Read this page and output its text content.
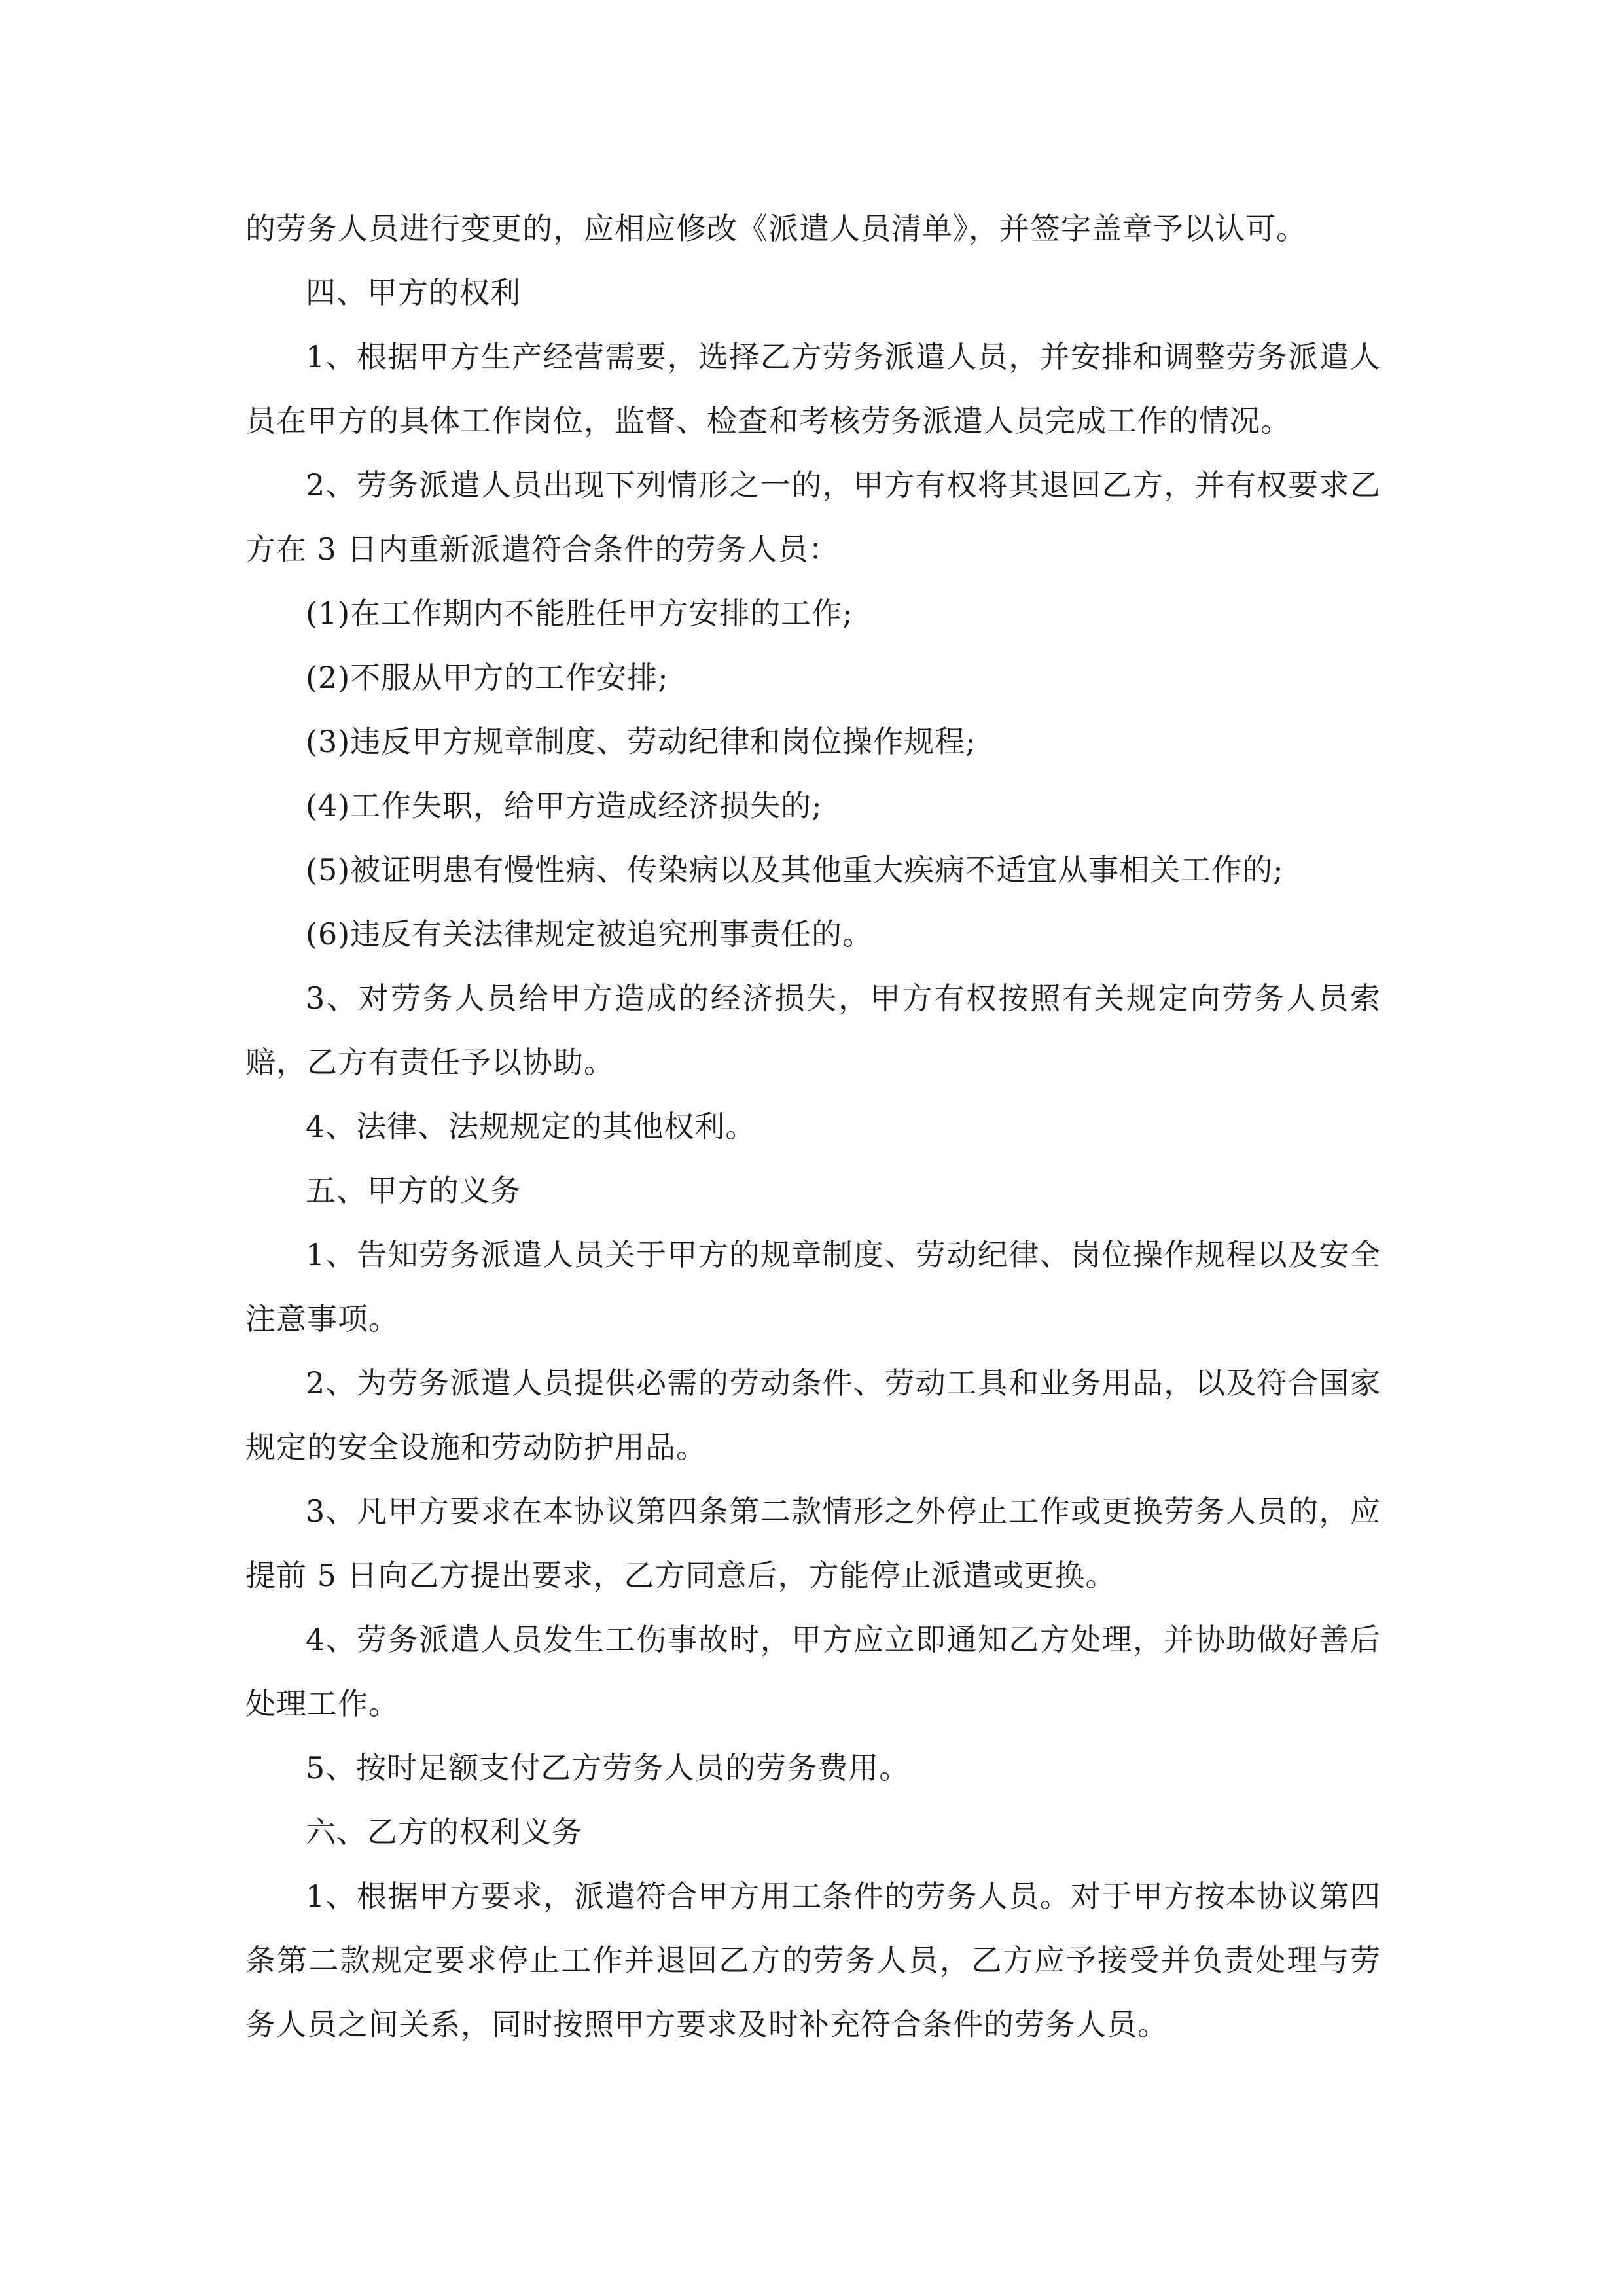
的劳务人员进行变更的，应相应修改《派遣人员清单》，并签字盖章予以认可。

四、甲方的权利

1、根据甲方生产经营需要，选择乙方劳务派遣人员，并安排和调整劳务派遣人员在甲方的具体工作岗位，监督、检查和考核劳务派遣人员完成工作的情况。

2、劳务派遣人员出现下列情形之一的，甲方有权将其退回乙方，并有权要求乙方在 3 日内重新派遣符合条件的劳务人员：

(1)在工作期内不能胜任甲方安排的工作;

(2)不服从甲方的工作安排;

(3)违反甲方规章制度、劳动纪律和岗位操作规程;

(4)工作失职，给甲方造成经济损失的;

(5)被证明患有慢性病、传染病以及其他重大疾病不适宜从事相关工作的;

(6)违反有关法律规定被追究刑事责任的。

3、对劳务人员给甲方造成的经济损失，甲方有权按照有关规定向劳务人员索赔，乙方有责任予以协助。

4、法律、法规规定的其他权利。

五、甲方的义务

1、告知劳务派遣人员关于甲方的规章制度、劳动纪律、岗位操作规程以及安全注意事项。

2、为劳务派遣人员提供必需的劳动条件、劳动工具和业务用品，以及符合国家规定的安全设施和劳动防护用品。

3、凡甲方要求在本协议第四条第二款情形之外停止工作或更换劳务人员的，应提前 5 日向乙方提出要求，乙方同意后，方能停止派遣或更换。

4、劳务派遣人员发生工伤事故时，甲方应立即通知乙方处理，并协助做好善后处理工作。

5、按时足额支付乙方劳务人员的劳务费用。

六、乙方的权利义务

1、根据甲方要求，派遣符合甲方用工条件的劳务人员。对于甲方按本协议第四条第二款规定要求停止工作并退回乙方的劳务人员，乙方应予接受并负责处理与劳务人员之间关系，同时按照甲方要求及时补充符合条件的劳务人员。
